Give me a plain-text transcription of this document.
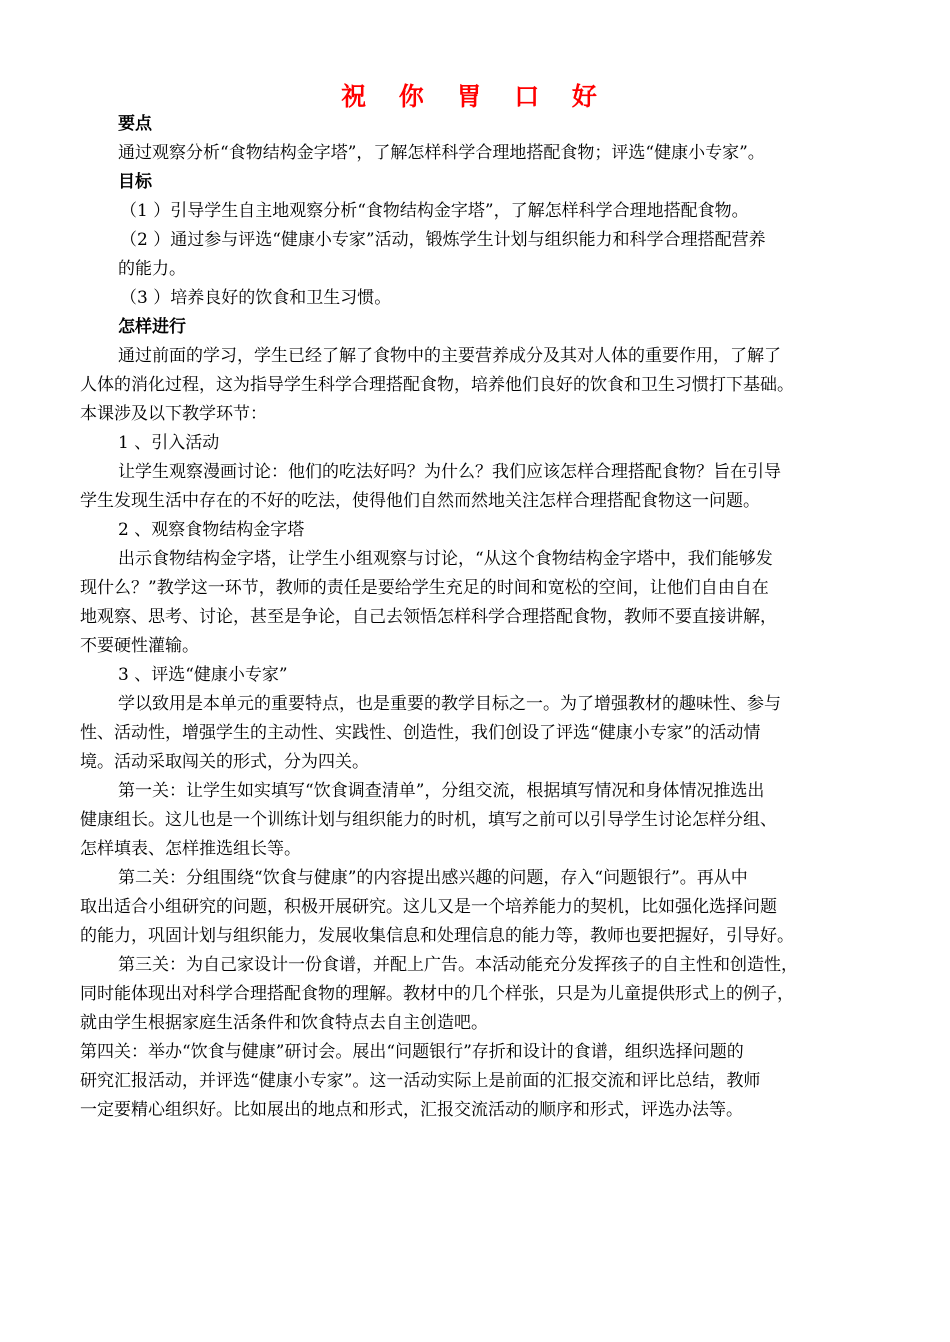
祝 你 胃 口 好
要点
通过观察分析“食物结构金字塔”，了解怎样科学合理地搭配食物；评选“健康小专家”。
目标
（1 ）引导学生自主地观察分析“食物结构金字塔”，了解怎样科学合理地搭配食物。
（2 ）通过参与评选“健康小专家”活动，锻炼学生计划与组织能力和科学合理搭配营养
的能力。
（3 ）培养良好的饮食和卫生习惯。
怎样进行
通过前面的学习，学生已经了解了食物中的主要营养成分及其对人体的重要作用，了解了
人体的消化过程，这为指导学生科学合理搭配食物，培养他们良好的饮食和卫生习惯打下基础。
本课涉及以下教学环节：
1 、引入活动
让学生观察漫画讨论：他们的吃法好吗？为什么？我们应该怎样合理搭配食物？旨在引导
学生发现生活中存在的不好的吃法，使得他们自然而然地关注怎样合理搭配食物这一问题。
2 、观察食物结构金字塔
出示食物结构金字塔，让学生小组观察与讨论，“从这个食物结构金字塔中，我们能够发
现什么？”教学这一环节，教师的责任是要给学生充足的时间和宽松的空间，让他们自由自在
地观察、思考、讨论，甚至是争论，自己去领悟怎样科学合理搭配食物，教师不要直接讲解，
不要硬性灌输。
3 、评选“健康小专家”
学以致用是本单元的重要特点，也是重要的教学目标之一。为了增强教材的趣味性、参与
性、活动性，增强学生的主动性、实践性、创造性，我们创设了评选“健康小专家”的活动情
境。活动采取闯关的形式，分为四关。
第一关：让学生如实填写“饮食调查清单”，分组交流，根据填写情况和身体情况推选出
健康组长。这儿也是一个训练计划与组织能力的时机，填写之前可以引导学生讨论怎样分组、
怎样填表、怎样推选组长等。
第二关：分组围绕“饮食与健康”的内容提出感兴趣的问题，存入“问题银行”。再从中
取出适合小组研究的问题，积极开展研究。这儿又是一个培养能力的契机，比如强化选择问题
的能力，巩固计划与组织能力，发展收集信息和处理信息的能力等，教师也要把握好，引导好。
第三关：为自己家设计一份食谱，并配上广告。本活动能充分发挥孩子的自主性和创造性，
同时能体现出对科学合理搭配食物的理解。教材中的几个样张，只是为儿童提供形式上的例子，
就由学生根据家庭生活条件和饮食特点去自主创造吧。
第四关：举办“饮食与健康”研讨会。展出“问题银行”存折和设计的食谱，组织选择问题的
研究汇报活动，并评选“健康小专家”。这一活动实际上是前面的汇报交流和评比总结，教师
一定要精心组织好。比如展出的地点和形式，汇报交流活动的顺序和形式，评选办法等。
